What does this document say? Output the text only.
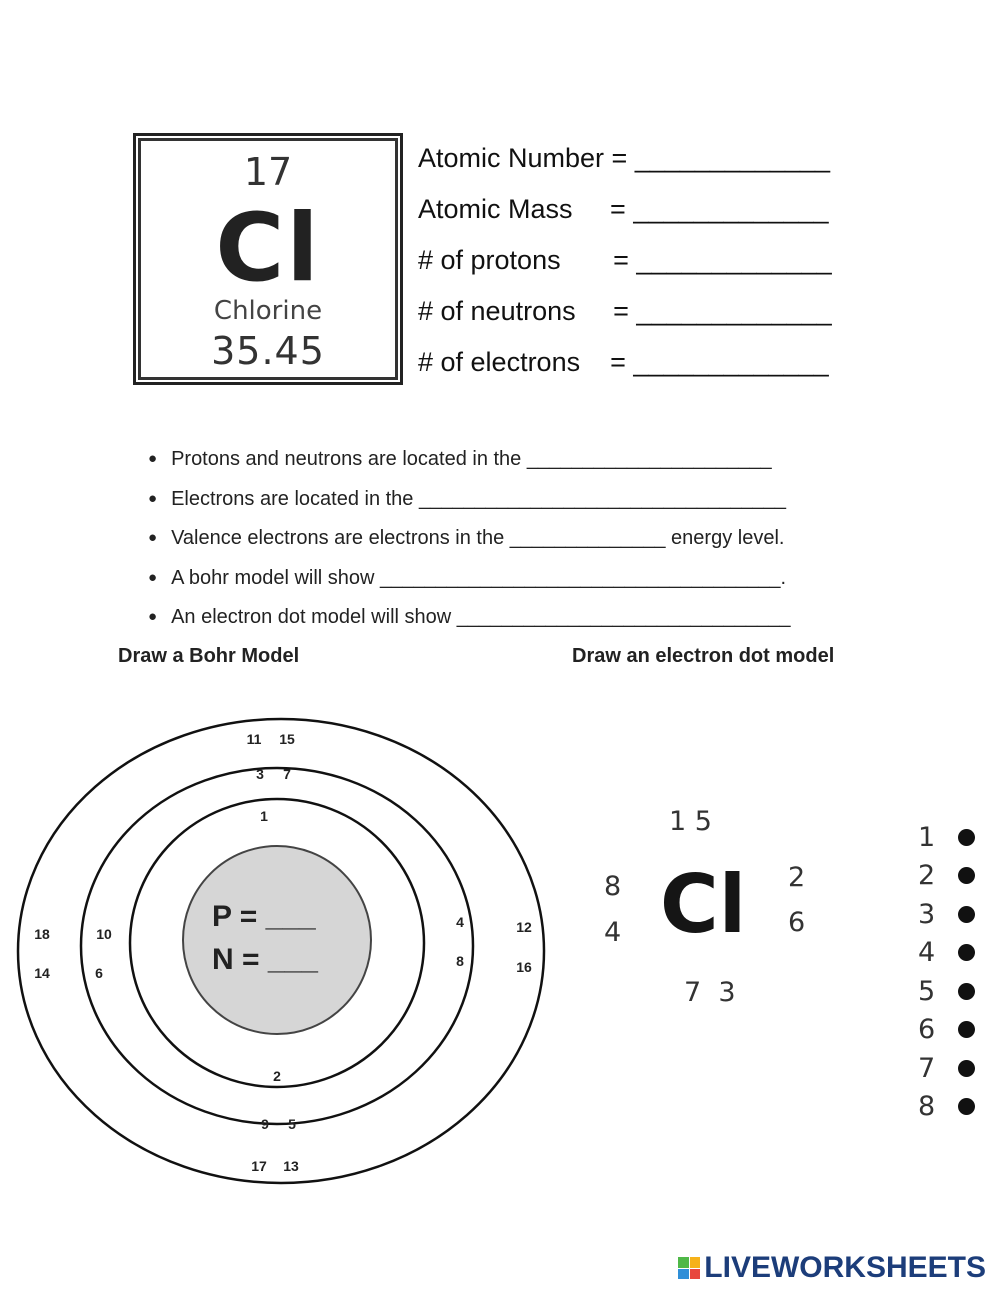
17
Cl
Chlorine
35.45
Atomic Number = _____________
Atomic Mass     = _____________
# of protons       = _____________
# of neutrons     = _____________
# of electrons    = _____________
● Protons and neutrons are located in the ______________________
● Electrons are located in the _________________________________
● Valence electrons are electrons in the ______________ energy level.
● A bohr model will show ____________________________________.
● An electron dot model will show ______________________________
Draw a Bohr Model	Draw an electron dot model
P = ___
N = ___
11 15
3 7
1
18
14
10
6
4
8
12
16
2
9 5
17 13
1 5
8
4 Cl 2
6
7  3
1
2
3
4
5
6
7
8
LIVEWORKSHEETS
